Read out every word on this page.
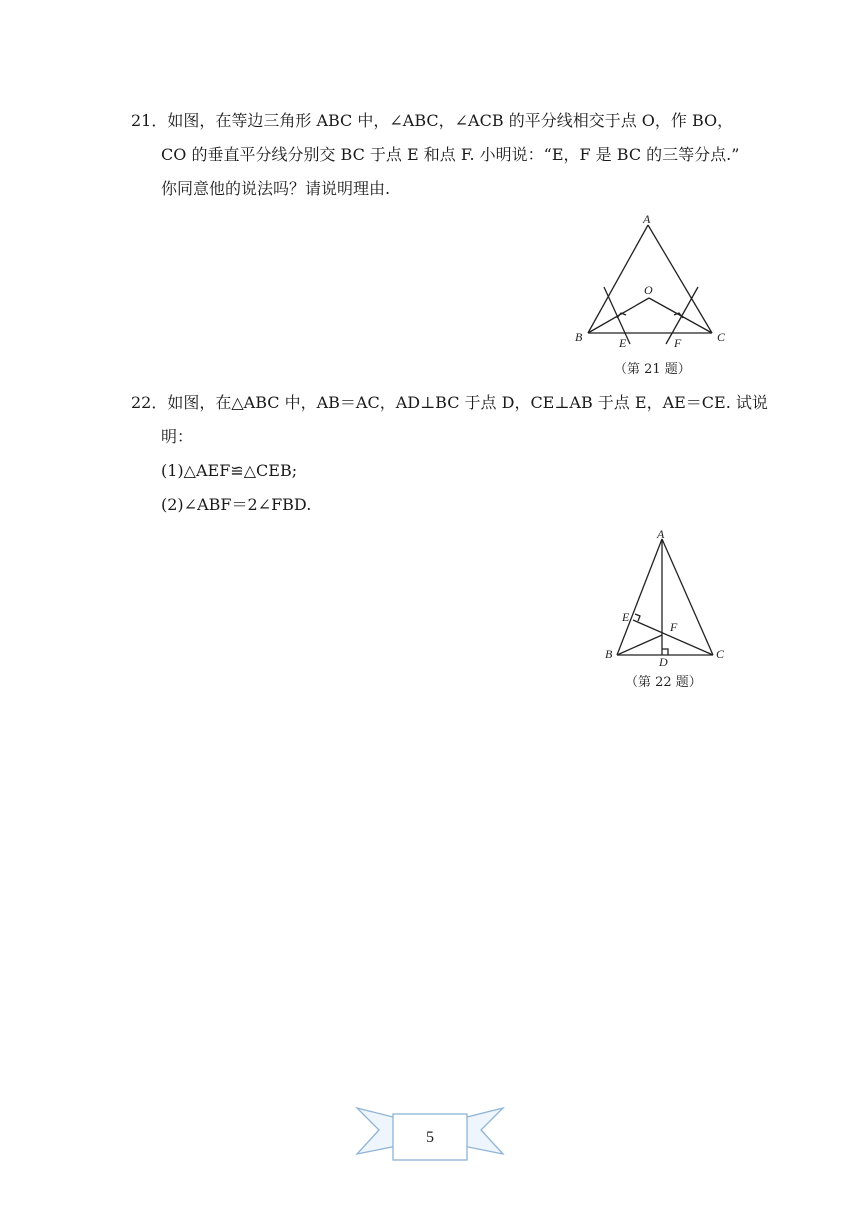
21．如图，在等边三角形 ABC 中，∠ABC，∠ACB 的平分线相交于点 O，作 BO，
CO 的垂直平分线分别交 BC 于点 E 和点 F. 小明说：“E，F 是 BC 的三等分点.”
你同意他的说法吗？请说明理由.
A
B	C
O
E	F
（第 21 题）
22．如图，在△ABC 中，AB＝AC，AD⊥BC 于点 D，CE⊥AB 于点 E，AE＝CE. 试说
明：
(1)△AEF≌△CEB;
(2)∠ABF＝2∠FBD.
A
B	C
D
E
F
（第 22 题）
5
